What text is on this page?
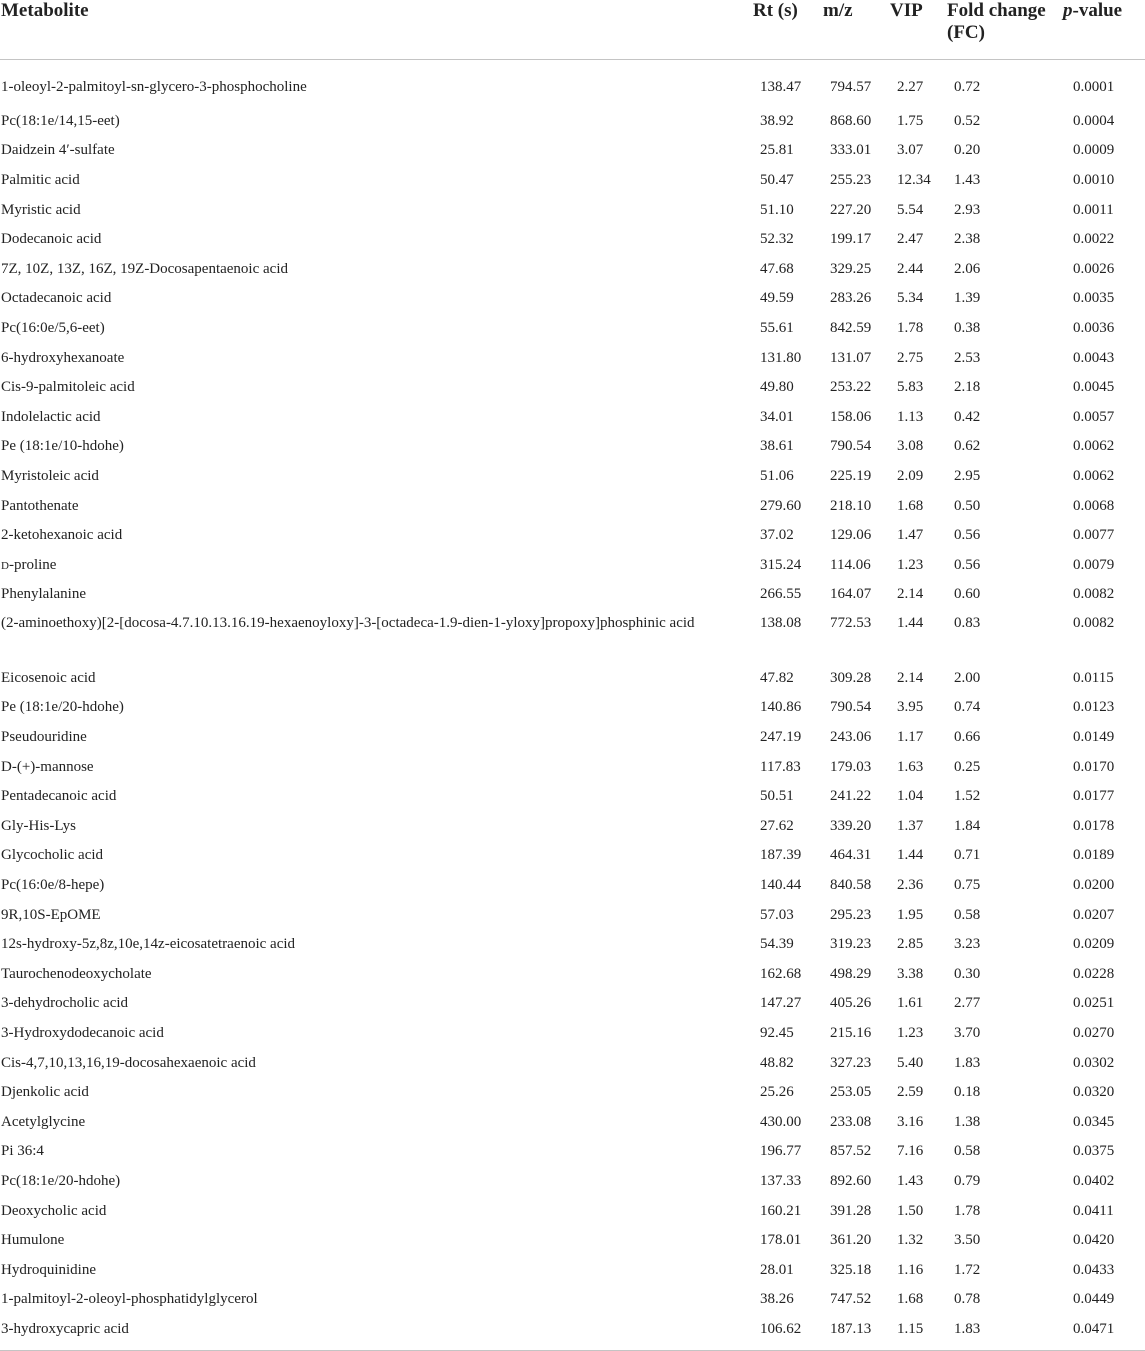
Metabolite	Rt (s)	m/z	VIP	Fold change (FC)	p-value
1-oleoyl-2-palmitoyl-sn-glycero-3-phosphocholine	138.47	794.57	2.27	0.72	0.0001
Pc(18:1e/14,15-eet)	38.92	868.60	1.75	0.52	0.0004
Daidzein 4′-sulfate	25.81	333.01	3.07	0.20	0.0009
Palmitic acid	50.47	255.23	12.34	1.43	0.0010
Myristic acid	51.10	227.20	5.54	2.93	0.0011
Dodecanoic acid	52.32	199.17	2.47	2.38	0.0022
7Z, 10Z, 13Z, 16Z, 19Z-Docosapentaenoic acid	47.68	329.25	2.44	2.06	0.0026
Octadecanoic acid	49.59	283.26	5.34	1.39	0.0035
Pc(16:0e/5,6-eet)	55.61	842.59	1.78	0.38	0.0036
6-hydroxyhexanoate	131.80	131.07	2.75	2.53	0.0043
Cis-9-palmitoleic acid	49.80	253.22	5.83	2.18	0.0045
Indolelactic acid	34.01	158.06	1.13	0.42	0.0057
Pe (18:1e/10-hdohe)	38.61	790.54	3.08	0.62	0.0062
Myristoleic acid	51.06	225.19	2.09	2.95	0.0062
Pantothenate	279.60	218.10	1.68	0.50	0.0068
2-ketohexanoic acid	37.02	129.06	1.47	0.56	0.0077
d-proline	315.24	114.06	1.23	0.56	0.0079
Phenylalanine	266.55	164.07	2.14	0.60	0.0082
(2-aminoethoxy)[2-[docosa-4.7.10.13.16.19-hexaenoyloxy]-3-[octadeca-1.9-dien-1-yloxy]propoxy]phosphinic acid	138.08	772.53	1.44	0.83	0.0082
Eicosenoic acid	47.82	309.28	2.14	2.00	0.0115
Pe (18:1e/20-hdohe)	140.86	790.54	3.95	0.74	0.0123
Pseudouridine	247.19	243.06	1.17	0.66	0.0149
D-(+)-mannose	117.83	179.03	1.63	0.25	0.0170
Pentadecanoic acid	50.51	241.22	1.04	1.52	0.0177
Gly-His-Lys	27.62	339.20	1.37	1.84	0.0178
Glycocholic acid	187.39	464.31	1.44	0.71	0.0189
Pc(16:0e/8-hepe)	140.44	840.58	2.36	0.75	0.0200
9R,10S-EpOME	57.03	295.23	1.95	0.58	0.0207
12s-hydroxy-5z,8z,10e,14z-eicosatetraenoic acid	54.39	319.23	2.85	3.23	0.0209
Taurochenodeoxycholate	162.68	498.29	3.38	0.30	0.0228
3-dehydrocholic acid	147.27	405.26	1.61	2.77	0.0251
3-Hydroxydodecanoic acid	92.45	215.16	1.23	3.70	0.0270
Cis-4,7,10,13,16,19-docosahexaenoic acid	48.82	327.23	5.40	1.83	0.0302
Djenkolic acid	25.26	253.05	2.59	0.18	0.0320
Acetylglycine	430.00	233.08	3.16	1.38	0.0345
Pi 36:4	196.77	857.52	7.16	0.58	0.0375
Pc(18:1e/20-hdohe)	137.33	892.60	1.43	0.79	0.0402
Deoxycholic acid	160.21	391.28	1.50	1.78	0.0411
Humulone	178.01	361.20	1.32	3.50	0.0420
Hydroquinidine	28.01	325.18	1.16	1.72	0.0433
1-palmitoyl-2-oleoyl-phosphatidylglycerol	38.26	747.52	1.68	0.78	0.0449
3-hydroxycapric acid	106.62	187.13	1.15	1.83	0.0471
